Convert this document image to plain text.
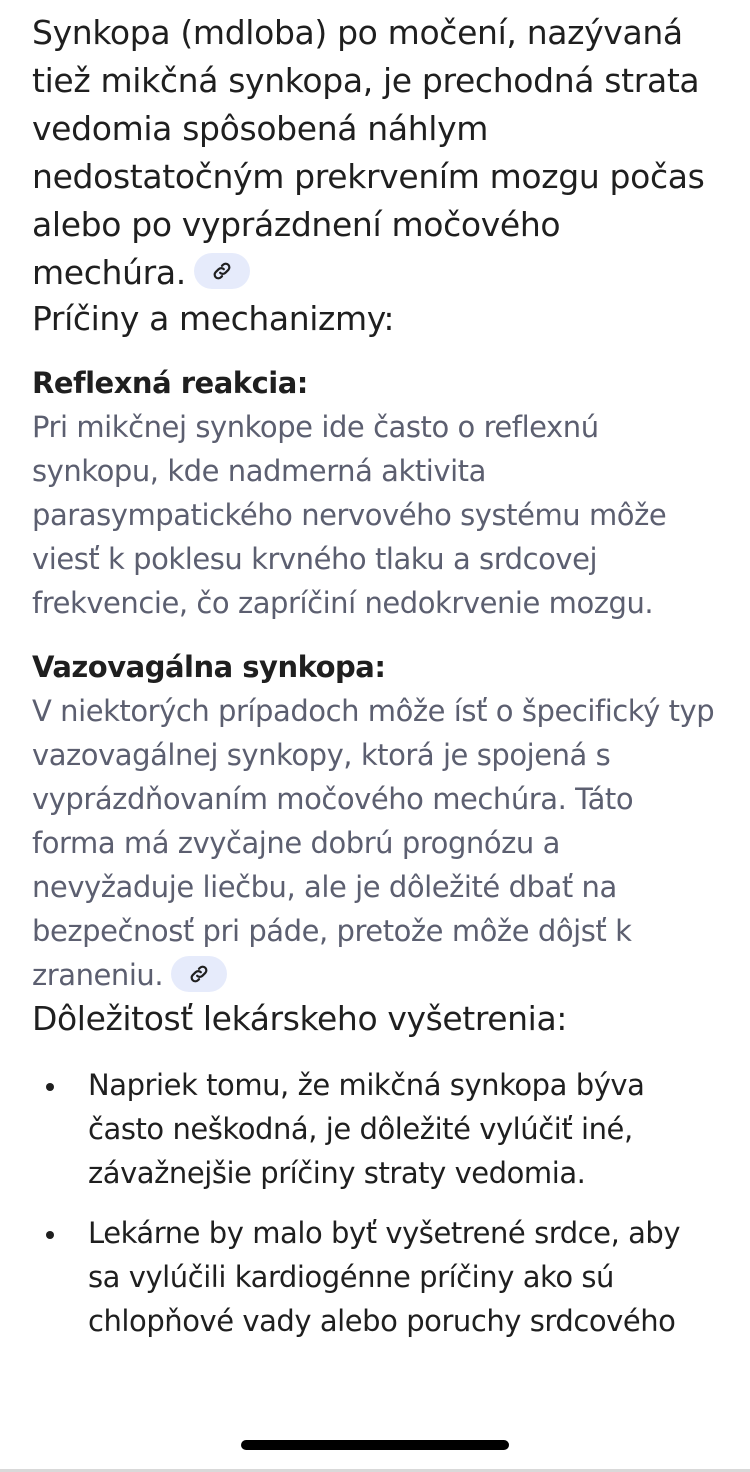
Synkopa (mdloba) po močení, nazývaná tiež mikčná synkopa, je prechodná strata vedomia spôsobená náhlym nedostatočným prekrvením mozgu počas alebo po vyprázdnení močového mechúra.

Príčiny a mechanizmy:
Reflexná reakcia:

Pri mikčnej synkope ide často o reflexnú synkopu, kde nadmerná aktivita parasympatického nervového systému môže viesť k poklesu krvného tlaku a srdcovej frekvencie, čo zapríčiní nedokrvenie mozgu.

Vazovagálna synkopa:

V niektorých prípadoch môže ísť o špecifický typ vazovagálnej synkopy, ktorá je spojená s vyprázdňovaním močového mechúra. Táto forma má zvyčajne dobrú prognózu a nevyžaduje liečbu, ale je dôležité dbať na bezpečnosť pri páde, pretože môže dôjsť k zraneniu.

Dôležitosť lekárskeho vyšetrenia:
Napriek tomu, že mikčná synkopa býva často neškodná, je dôležité vylúčiť iné, závažnejšie príčiny straty vedomia.
Lekárne by malo byť vyšetrené srdce, aby sa vylúčili kardiogénne príčiny ako sú chlopňové vady alebo poruchy srdcového
